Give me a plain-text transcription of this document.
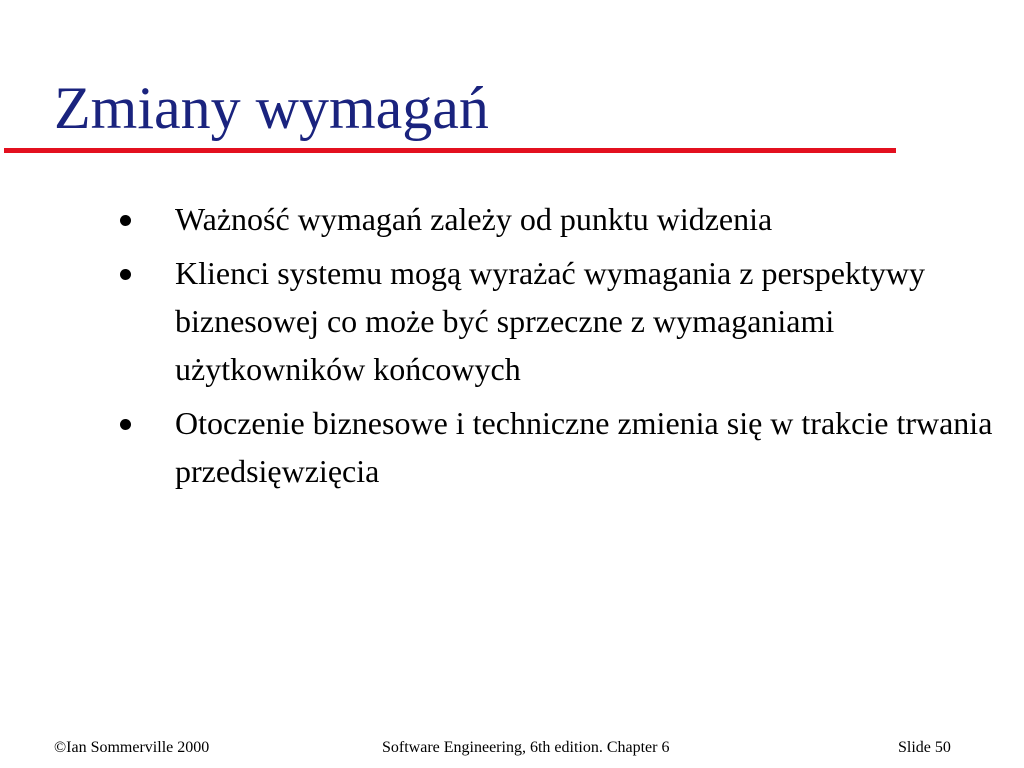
Zmiany wymagań
Ważność wymagań zależy od punktu widzenia
Klienci systemu mogą wyrażać wymagania z perspektywy biznesowej co może być sprzeczne z wymaganiami użytkowników końcowych
Otoczenie biznesowe i techniczne zmienia się w trakcie trwania przedsięwzięcia
©Ian Sommerville 2000	Software Engineering, 6th edition. Chapter 6	Slide 50
